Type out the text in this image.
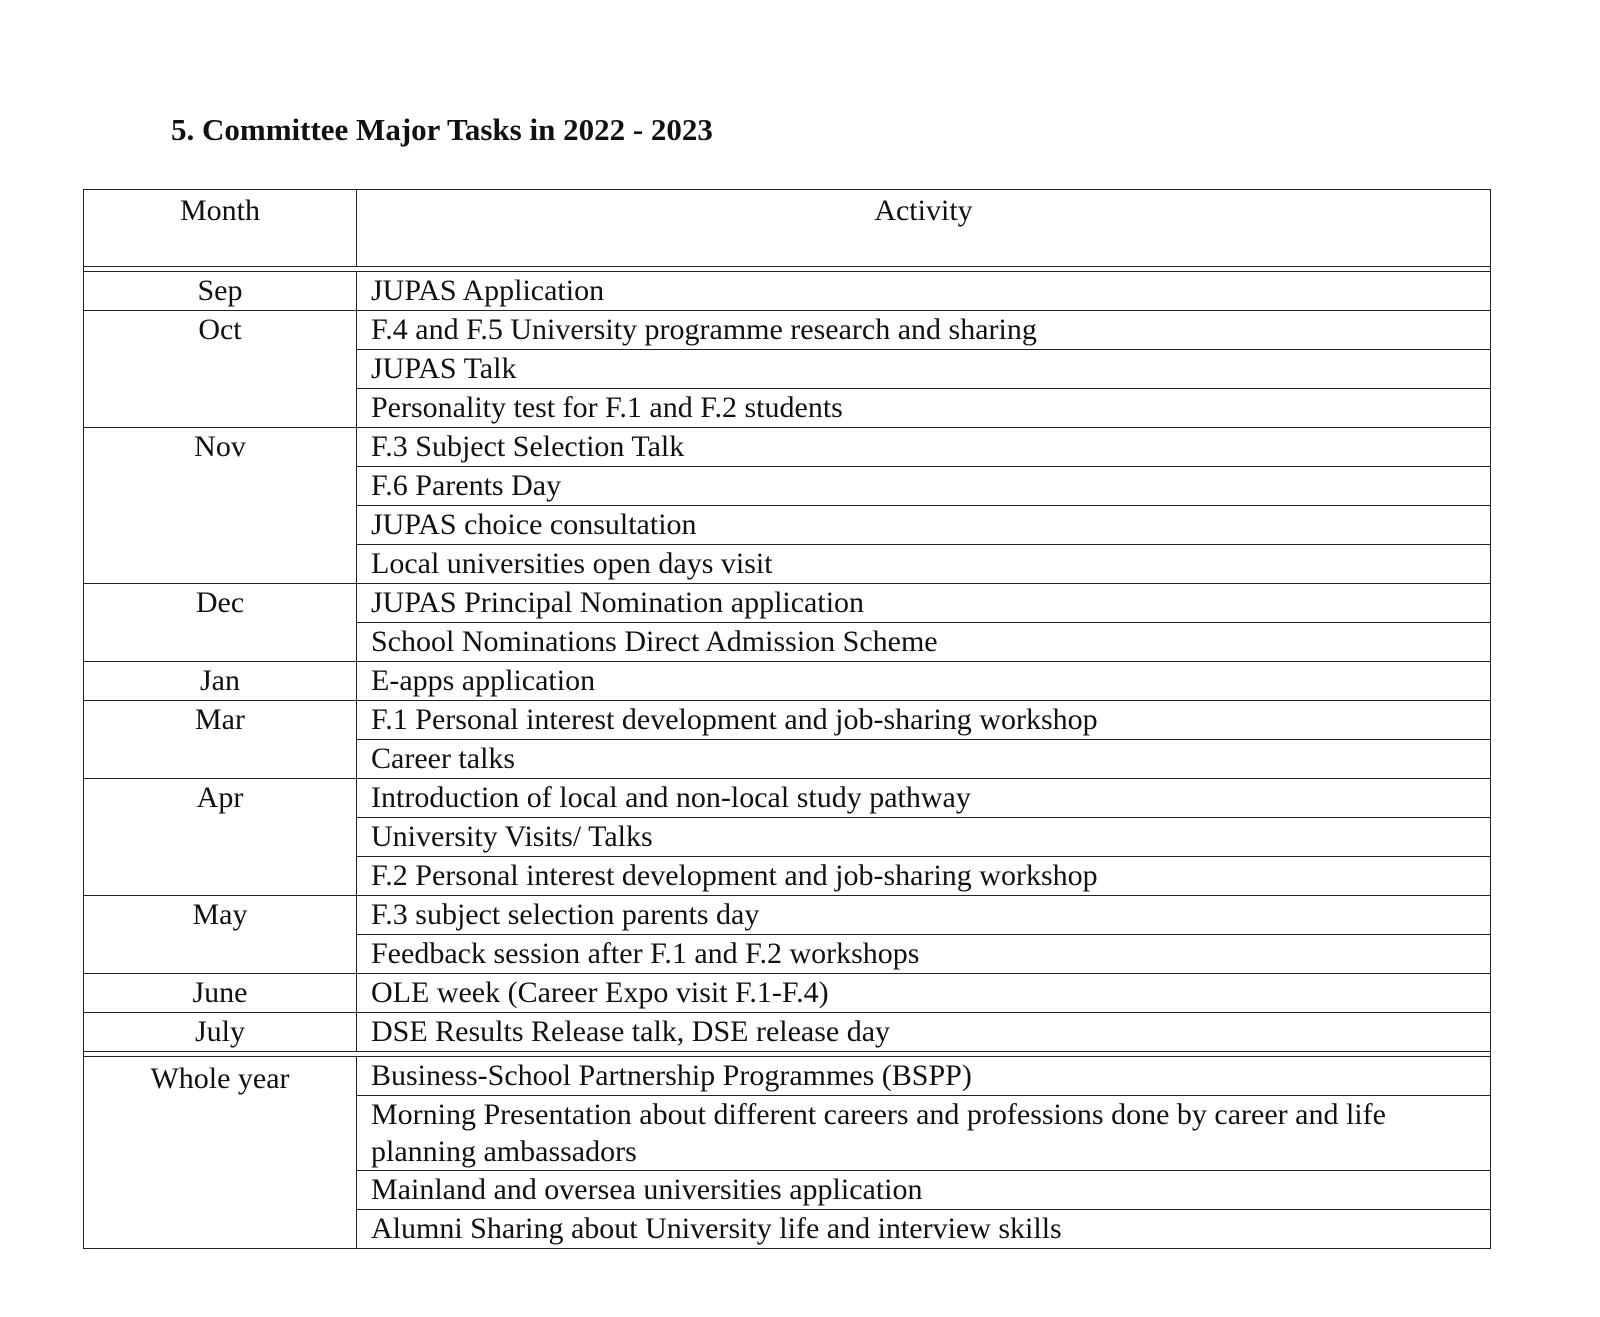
5. Committee Major Tasks in 2022 - 2023
Month	Activity
Sep	JUPAS Application
Oct	F.4 and F.5 University programme research and sharing
JUPAS Talk
Personality test for F.1 and F.2 students
Nov	F.3 Subject Selection Talk
F.6 Parents Day
JUPAS choice consultation
Local universities open days visit
Dec	JUPAS Principal Nomination application
School Nominations Direct Admission Scheme
Jan	E-apps application
Mar	F.1 Personal interest development and job-sharing workshop
Career talks
Apr	Introduction of local and non-local study pathway
University Visits/ Talks
F.2 Personal interest development and job-sharing workshop
May	F.3 subject selection parents day
Feedback session after F.1 and F.2 workshops
June	OLE week (Career Expo visit F.1-F.4)
July	DSE Results Release talk, DSE release day
Whole year	Business-School Partnership Programmes (BSPP)
Morning Presentation about different careers and professions done by career and life planning ambassadors
Mainland and oversea universities application
Alumni Sharing about University life and interview skills
